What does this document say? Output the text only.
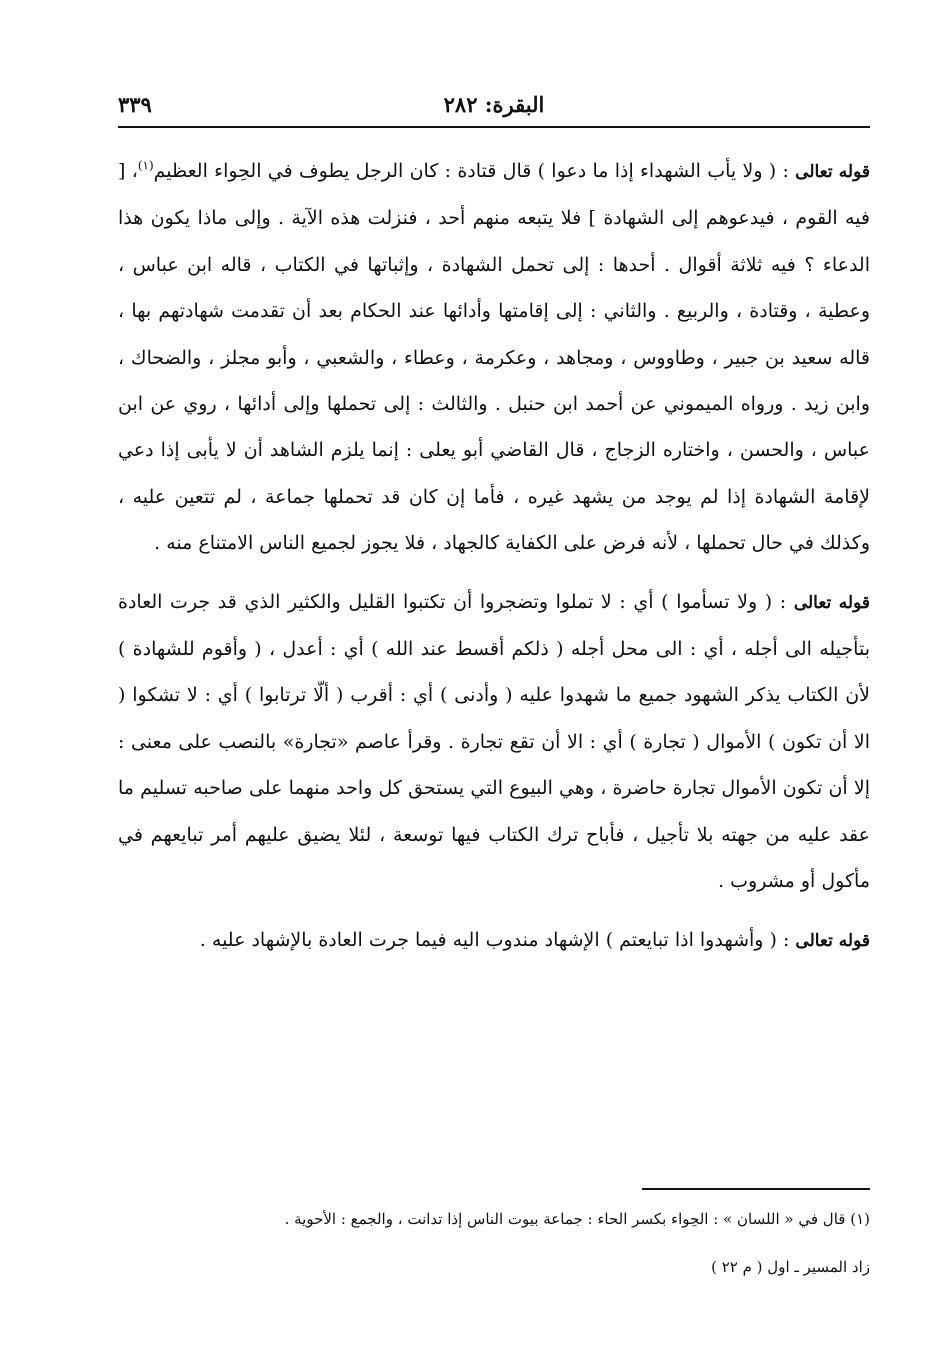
البقرة: ٢٨٢
٣٣٩

قوله تعالى : ( ولا يأب الشهداء إذا ما دعوا ) قال قتادة : كان الرجل يطوف في الحِواء العظيم$^{(١)}$، [ فيه القوم ، فيدعوهم إلى الشهادة ] فلا يتبعه منهم أحد ، فنزلت هذه الآية . وإلى ماذا يكون هذا الدعاء ؟ فيه ثلاثة أقوال . أحدها : إلى تحمل الشهادة ، وإثباتها في الكتاب ، قاله ابن عباس ، وعطية ، وقتادة ، والربيع . والثاني : إلى إقامتها وأدائها عند الحكام بعد أن تقدمت شهادتهم بها ، قاله سعيد بن جبير ، وطاووس ، ومجاهد ، وعكرمة ، وعطاء ، والشعبي ، وأبو مجلز ، والضحاك ، وابن زيد . ورواه الميموني عن أحمد ابن حنبل . والثالث : إلى تحملها وإلى أدائها ، روي عن ابن عباس ، والحسن ، واختاره الزجاج ، قال القاضي أبو يعلى : إنما يلزم الشاهد أن لا يأبى إذا دعي لإقامة الشهادة إذا لم يوجد من يشهد غيره ، فأما إن كان قد تحملها جماعة ، لم تتعين عليه ، وكذلك في حال تحملها ، لأنه فرض على الكفاية كالجهاد ، فلا يجوز لجميع الناس الامتناع منه .

قوله تعالى : ( ولا تسأموا ) أي : لا تملوا وتضجروا أن تكتبوا القليل والكثير الذي قد جرت العادة بتأجيله الى أجله ، أي : الى محل أجله ( ذلكم أقسط عند الله ) أي : أعدل ، ( وأقوم للشهادة ) لأن الكتاب يذكر الشهود جميع ما شهدوا عليه ( وأدنى ) أي : أقرب ( ألّا ترتابوا ) أي : لا تشكوا ( الا أن تكون ) الأموال ( تجارة ) أي : الا أن تقع تجارة . وقرأ عاصم «تجارة» بالنصب على معنى : إلا أن تكون الأموال تجارة حاضرة ، وهي البيوع التي يستحق كل واحد منهما على صاحبه تسليم ما عقد عليه من جهته بلا تأجيل ، فأباح ترك الكتاب فيها توسعة ، لئلا يضيق عليهم أمر تبايعهم في مأكول أو مشروب .

قوله تعالى : ( وأشهدوا اذا تبايعتم ) الإشهاد مندوب اليه فيما جرت العادة بالإشهاد عليه .

(١) قال في « اللسان » : الحِواء بكسر الحاء : جماعة بيوت الناس إذا تدانت ، والجمع : الأحوية .
زاد المسير ـ اول ( م ٢٢ )
